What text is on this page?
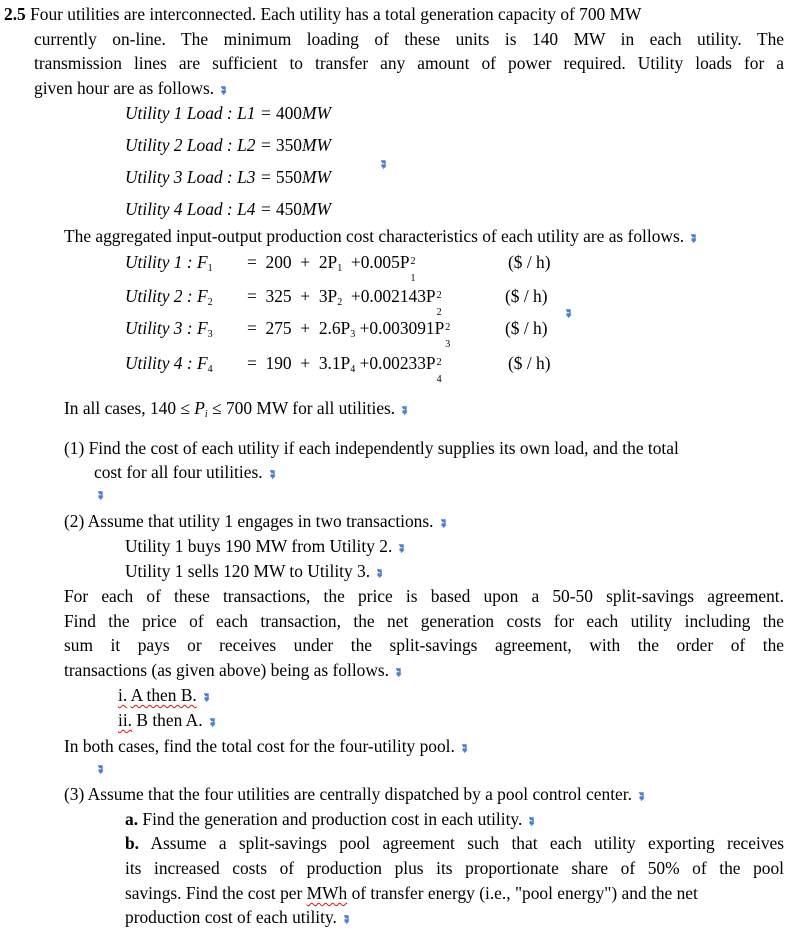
2.5 Four utilities are interconnected. Each utility has a total generation capacity of 700 MW
currently on-line. The minimum loading of these units is 140 MW in each utility. The
transmission lines are sufficient to transfer any amount of power required. Utility loads for a
given hour are as follows.
Utility 1 Load : L1 = 400MW
Utility 2 Load : L2 = 350MW
Utility 3 Load : L3 = 550MW
Utility 4 Load : L4 = 450MW
The aggregated input-output production cost characteristics of each utility are as follows.
Utility 1 : $F_1 = 200 + 2P_1 +0.005P$ 2
1
($ / h)
Utility 2 : $F_2 = 325 + 3P_2 +0.002143P$ 2
2
($ / h)
Utility 3 : $F_3 = 275 + 2.6P_3 +0.003091P$ 2
3
($ / h)
Utility 4 : $F_4 = 190 + 3.1P_4 +0.00233P$ 2
4
($ / h)
In all cases, $140 \le P_i \le 700$ MW for all utilities.
(1) Find the cost of each utility if each independently supplies its own load, and the total
cost for all four utilities.
(2) Assume that utility 1 engages in two transactions.
Utility 1 buys 190 MW from Utility 2.
Utility 1 sells 120 MW to Utility 3.
For each of these transactions, the price is based upon a 50-50 split-savings agreement.
Find the price of each transaction, the net generation costs for each utility including the
sum it pays or receives under the split-savings agreement, with the order of the
transactions (as given above) being as follows.
i. A then B.
ii. B then A.
In both cases, find the total cost for the four-utility pool.
(3) Assume that the four utilities are centrally dispatched by a pool control center.
a. Find the generation and production cost in each utility.
b. Assume a split-savings pool agreement such that each utility exporting receives
its increased costs of production plus its proportionate share of 50% of the pool
savings. Find the cost per MWh of transfer energy (i.e., "pool energy") and the net
production cost of each utility.
